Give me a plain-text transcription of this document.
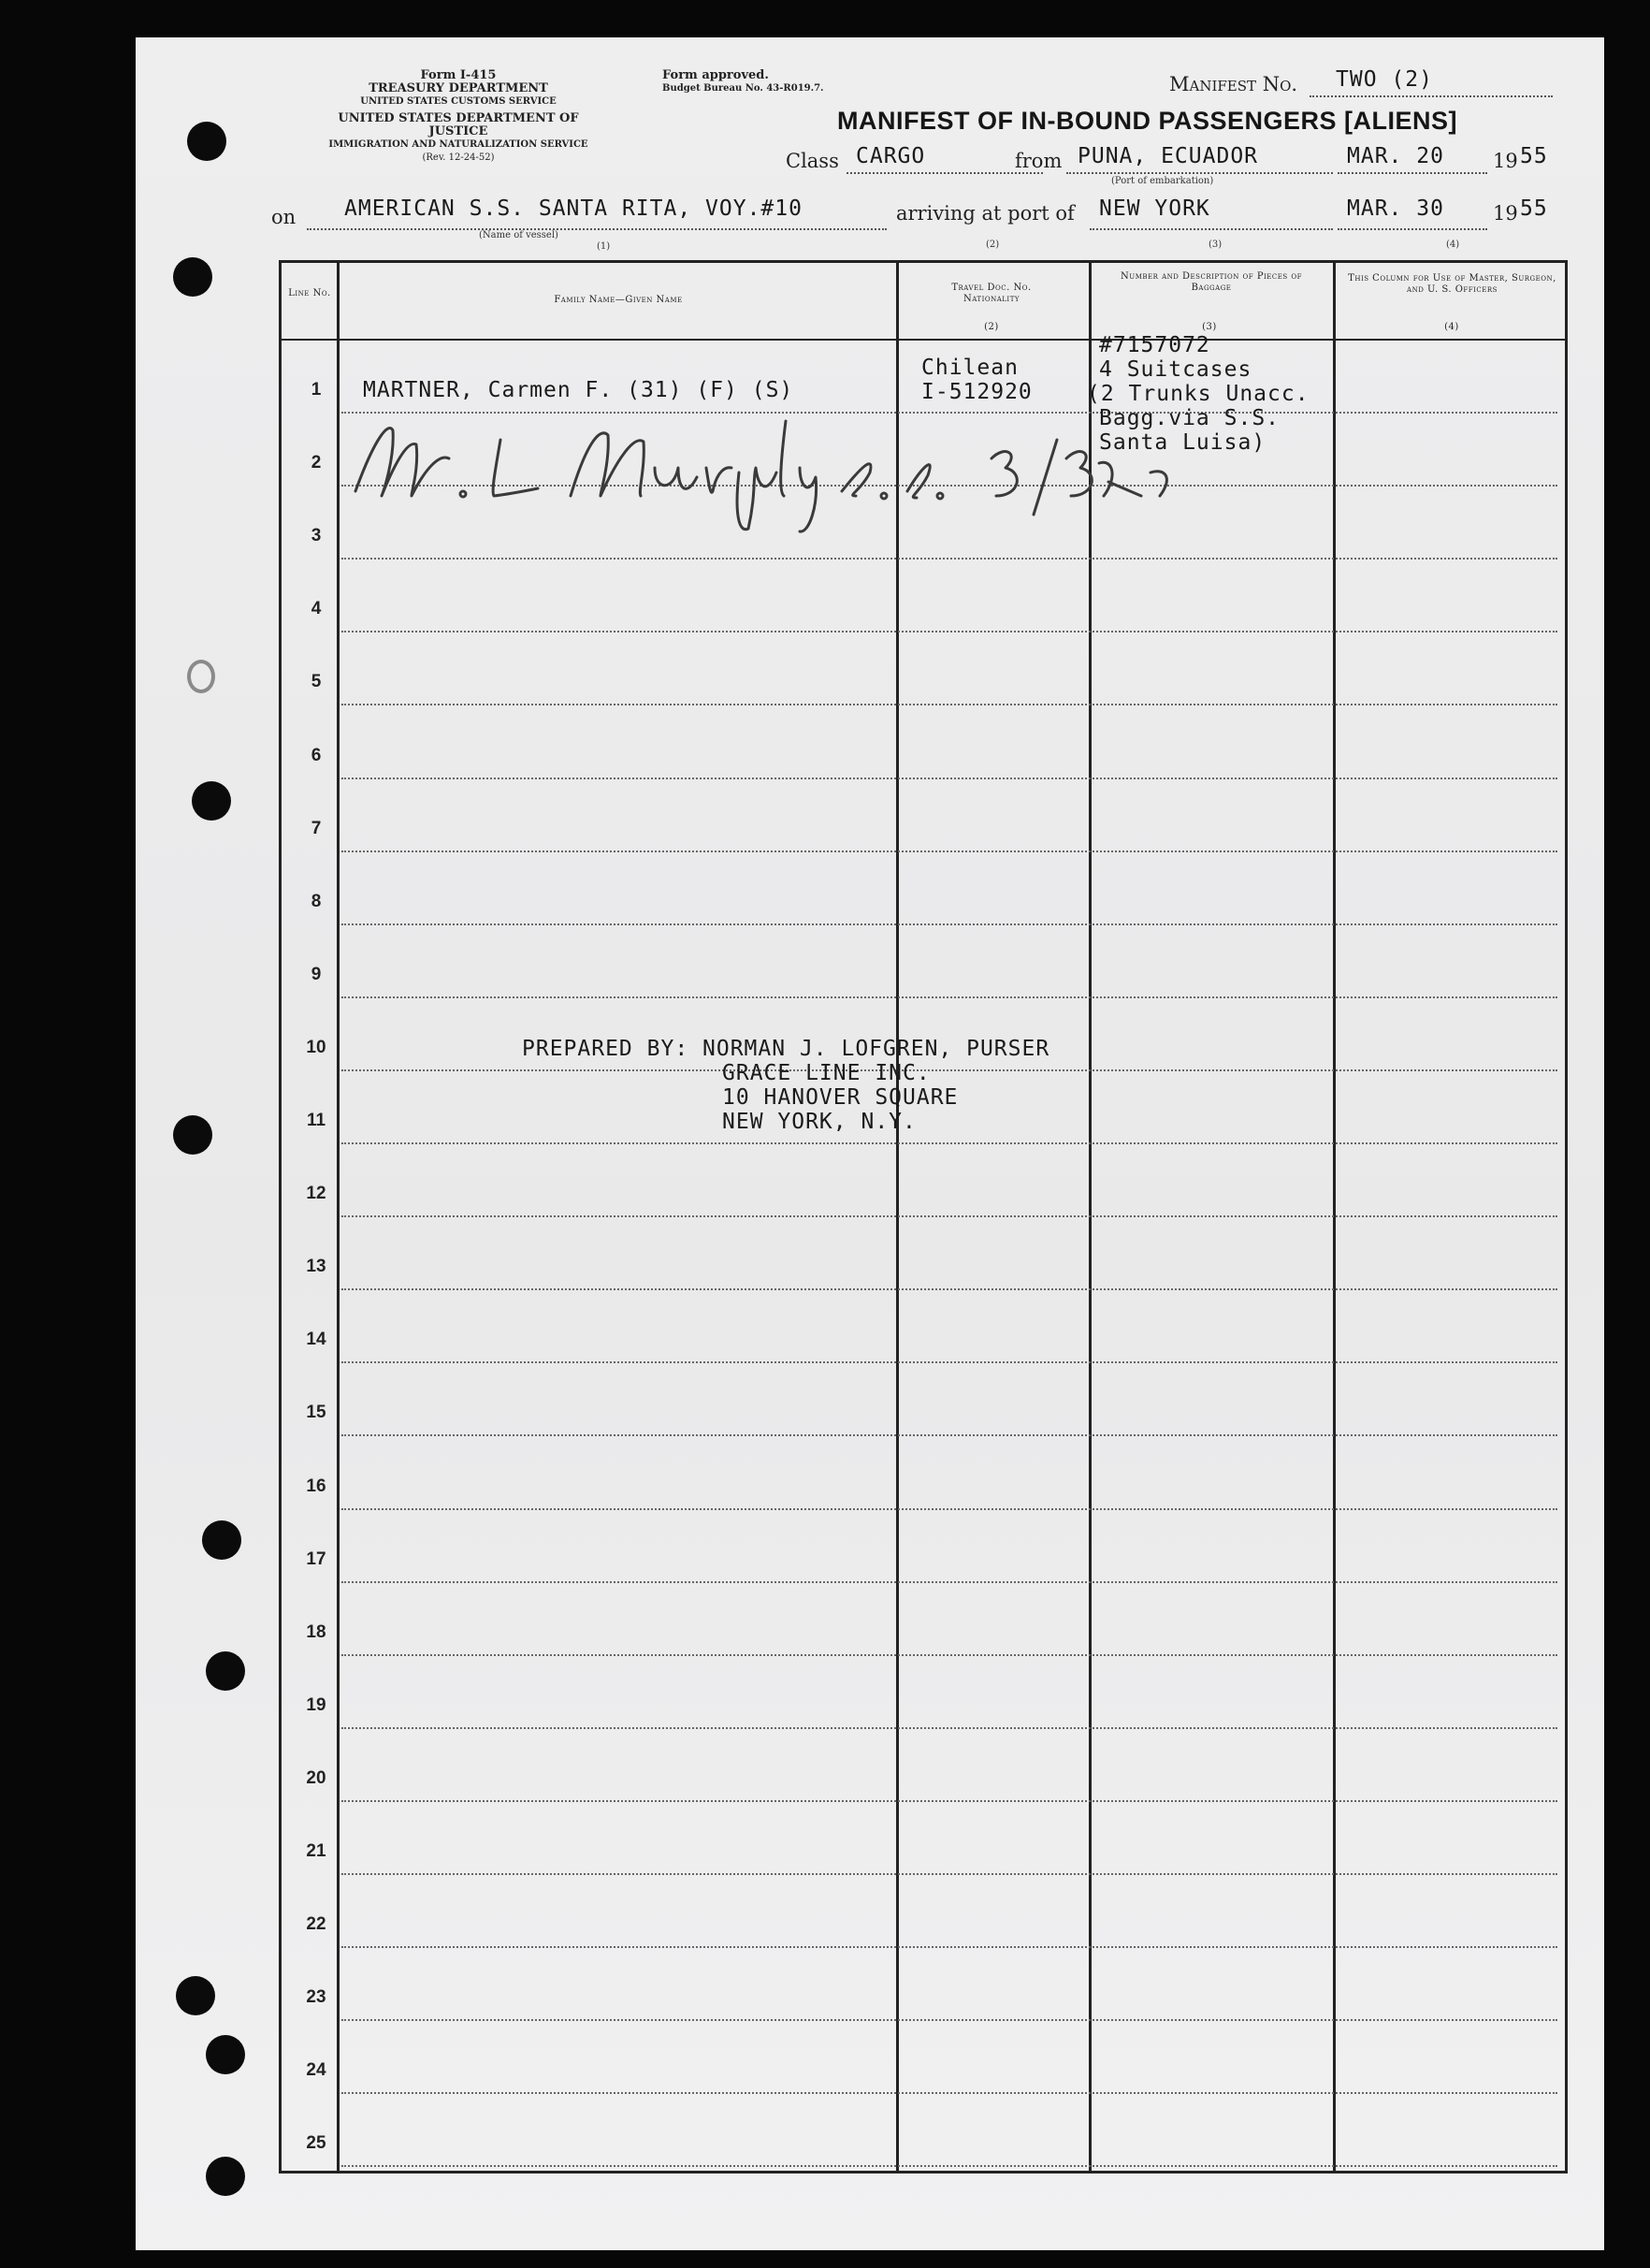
Form I-415
TREASURY DEPARTMENT
UNITED STATES CUSTOMS SERVICE
UNITED STATES DEPARTMENT OF JUSTICE
IMMIGRATION AND NATURALIZATION SERVICE
(Rev. 12-24-52)
Form approved.
Budget Bureau No. 43-R019.7.	Manifest No. TWO (2)
MANIFEST OF IN-BOUND PASSENGERS [ALIENS]
Class CARGO	from PUNA, ECUADOR
(Port of embarkation)
MAR. 20 19 55
on AMERICAN S.S. SANTA RITA, VOY.#10
(Name of vessel)
(1)
arriving at port of
(2)
NEW YORK
(3)
MAR. 30 19 55
(4)
Line No.
Family Name—Given Name
Travel Doc. No. Nationality
(2)
Number and Description of Pieces of Baggage
(3)
This Column for Use of Master, Surgeon, and U. S. Officers
(4)
1
2
3
4
5
6
7
8
9
10
11
12
13
14
15
16
17
18
19
20
21
22
23
24
25
MARTNER, Carmen F. (31) (F) (S)
Chilean
I-512920
#7157072
4 Suitcases
(2 Trunks Unacc.
Bagg.via S.S.
Santa Luisa)
PREPARED BY: NORMAN J. LOFGREN, PURSER
GRACE LINE INC.
10 HANOVER SQUARE
NEW YORK, N.Y.
